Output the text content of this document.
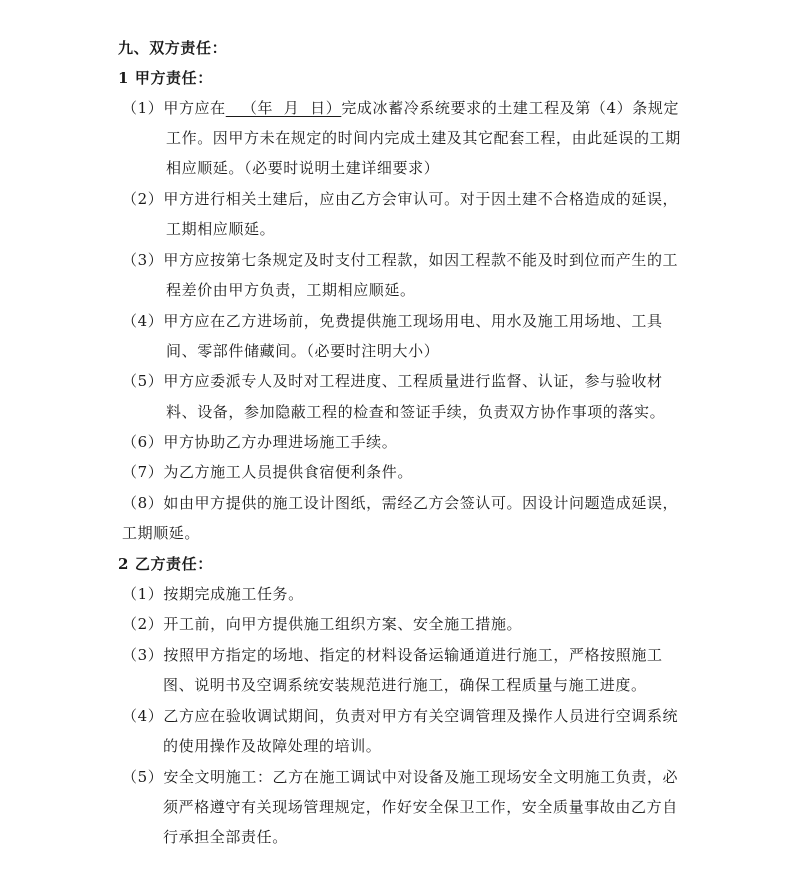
九、双方责任：
1 甲方责任：
（1）甲方应在   （年  月  日）完成冰蓄冷系统要求的土建工程及第（4）条规定
工作。因甲方未在规定的时间内完成土建及其它配套工程，由此延误的工期
相应顺延。（必要时说明土建详细要求）
（2）甲方进行相关土建后，应由乙方会审认可。对于因土建不合格造成的延误，
工期相应顺延。
（3）甲方应按第七条规定及时支付工程款，如因工程款不能及时到位而产生的工
程差价由甲方负责，工期相应顺延。
（4）甲方应在乙方进场前，免费提供施工现场用电、用水及施工用场地、工具
间、零部件储藏间。（必要时注明大小）
（5）甲方应委派专人及时对工程进度、工程质量进行监督、认证，参与验收材
料、设备，参加隐蔽工程的检查和签证手续，负责双方协作事项的落实。
（6）甲方协助乙方办理进场施工手续。
（7）为乙方施工人员提供食宿便利条件。
（8）如由甲方提供的施工设计图纸，需经乙方会签认可。因设计问题造成延误，
工期顺延。
2 乙方责任：
（1）按期完成施工任务。
（2）开工前，向甲方提供施工组织方案、安全施工措施。
（3）按照甲方指定的场地、指定的材料设备运输通道进行施工，严格按照施工
图、说明书及空调系统安装规范进行施工，确保工程质量与施工进度。
（4）乙方应在验收调试期间，负责对甲方有关空调管理及操作人员进行空调系统
的使用操作及故障处理的培训。
（5）安全文明施工：乙方在施工调试中对设备及施工现场安全文明施工负责，必
须严格遵守有关现场管理规定，作好安全保卫工作，安全质量事故由乙方自
行承担全部责任。
